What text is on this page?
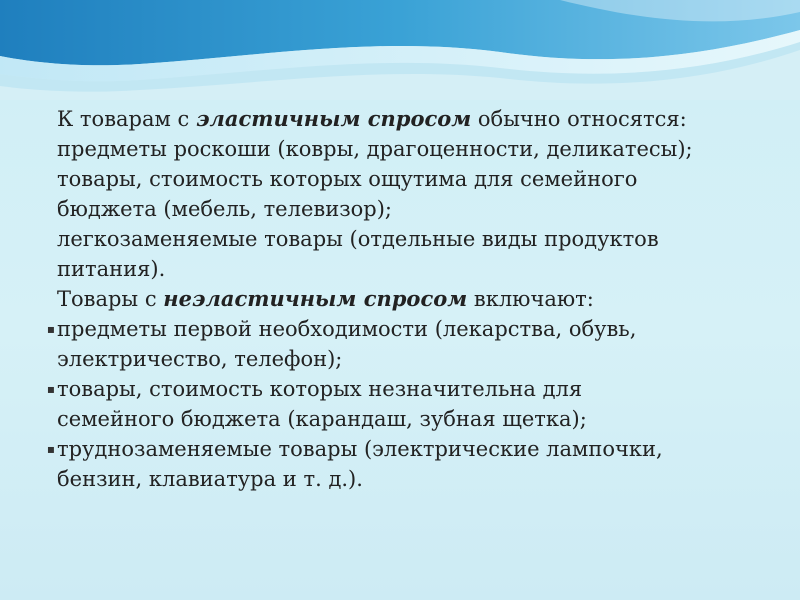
К товарам с эластичным спросом обычно относятся:
предметы роскоши (ковры, драгоценности, деликатесы);
товары, стоимость которых ощутима для семейного
бюджета (мебель, телевизор);
легкозаменяемые товары (отдельные виды продуктов
питания).
Товары с неэластичным спросом включают:
▪ предметы первой необходимости (лекарства, обувь,
электричество, телефон);
▪ товары, стоимость которых незначительна для
семейного бюджета (карандаш, зубная щетка);
▪ труднозаменяемые товары (электрические лампочки,
бензин, клавиатура и т. д.).
